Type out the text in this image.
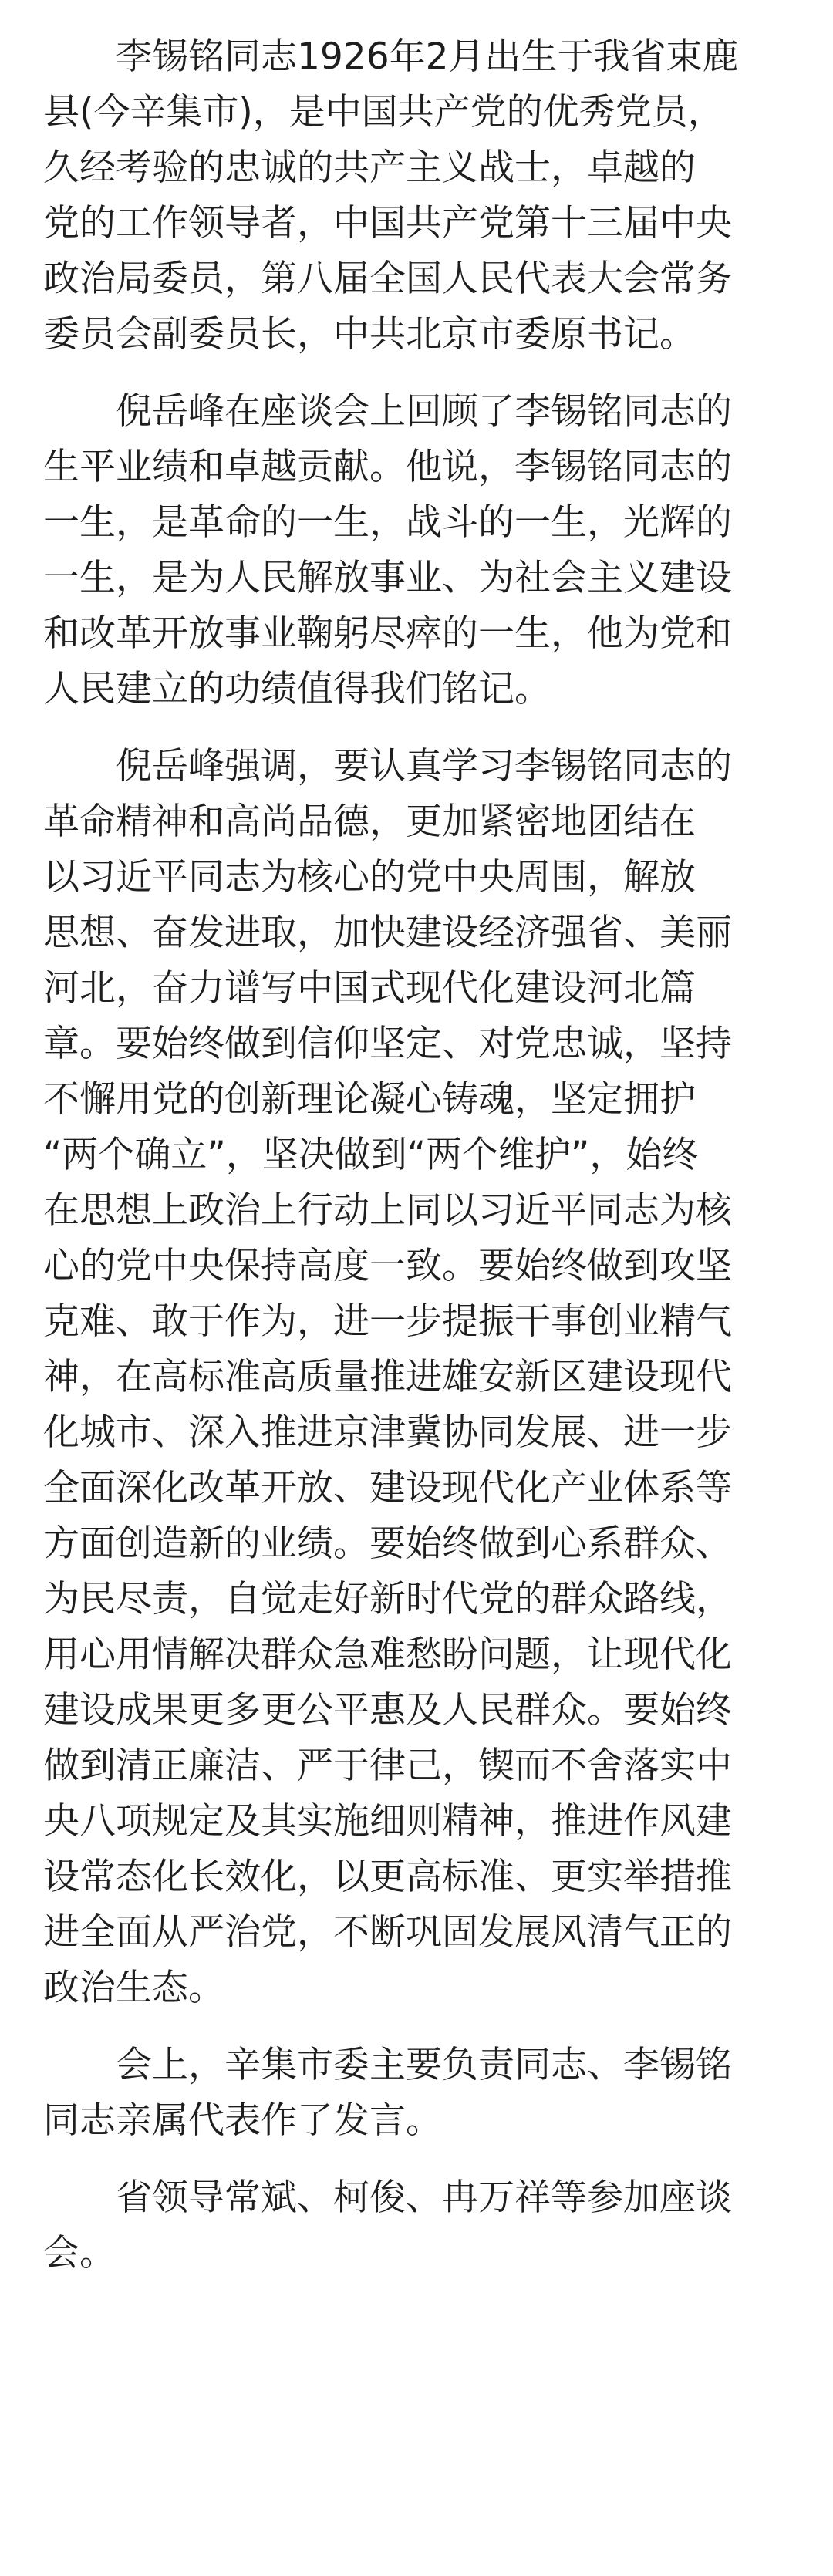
李锡铭同志1926年2月出生于我省束鹿
县(今辛集市)，是中国共产党的优秀党员，
久经考验的忠诚的共产主义战士，卓越的
党的工作领导者，中国共产党第十三届中央
政治局委员，第八届全国人民代表大会常务
委员会副委员长，中共北京市委原书记。

倪岳峰在座谈会上回顾了李锡铭同志的
生平业绩和卓越贡献。他说，李锡铭同志的
一生，是革命的一生，战斗的一生，光辉的
一生，是为人民解放事业、为社会主义建设
和改革开放事业鞠躬尽瘁的一生，他为党和
人民建立的功绩值得我们铭记。

倪岳峰强调，要认真学习李锡铭同志的
革命精神和高尚品德，更加紧密地团结在
以习近平同志为核心的党中央周围，解放
思想、奋发进取，加快建设经济强省、美丽
河北，奋力谱写中国式现代化建设河北篇
章。要始终做到信仰坚定、对党忠诚，坚持
不懈用党的创新理论凝心铸魂，坚定拥护
“两个确立”，坚决做到“两个维护”，始终
在思想上政治上行动上同以习近平同志为核
心的党中央保持高度一致。要始终做到攻坚
克难、敢于作为，进一步提振干事创业精气
神，在高标准高质量推进雄安新区建设现代
化城市、深入推进京津冀协同发展、进一步
全面深化改革开放、建设现代化产业体系等
方面创造新的业绩。要始终做到心系群众、
为民尽责，自觉走好新时代党的群众路线，
用心用情解决群众急难愁盼问题，让现代化
建设成果更多更公平惠及人民群众。要始终
做到清正廉洁、严于律己，锲而不舍落实中
央八项规定及其实施细则精神，推进作风建
设常态化长效化，以更高标准、更实举措推
进全面从严治党，不断巩固发展风清气正的
政治生态。

会上，辛集市委主要负责同志、李锡铭
同志亲属代表作了发言。

省领导常斌、柯俊、冉万祥等参加座谈
会。
